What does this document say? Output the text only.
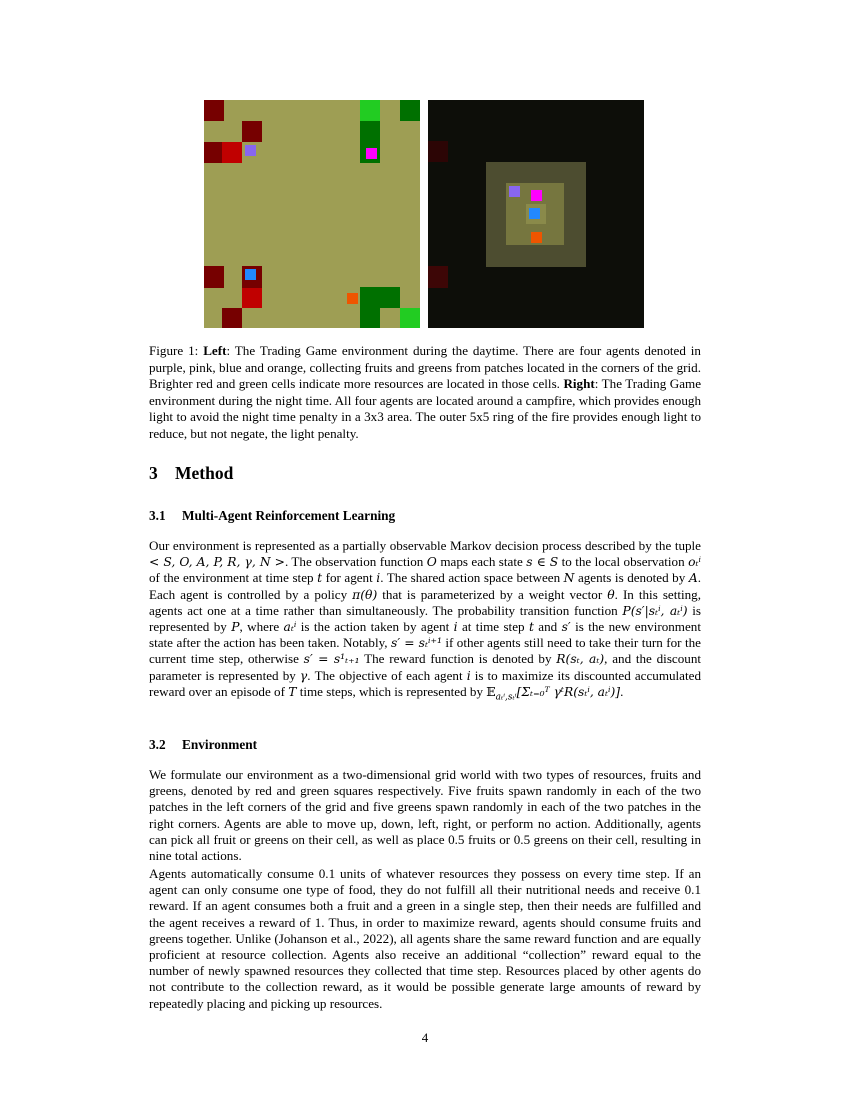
Figure 1: Left: The Trading Game environment during the daytime. There are four agents denoted in purple, pink, blue and orange, collecting fruits and greens from patches located in the corners of the grid. Brighter red and green cells indicate more resources are located in those cells. Right: The Trading Game environment during the night time. All four agents are located around a campfire, which provides enough light to avoid the night time penalty in a 3x3 area. The outer 5x5 ring of the fire provides enough light to reduce, but not negate, the light penalty.
3 Method
3.1 Multi-Agent Reinforcement Learning

Our environment is represented as a partially observable Markov decision process described by the tuple < S, O, A, P, R, γ, N >. The observation function O maps each state s ∈ S to the local observation oₜⁱ of the environment at time step t for agent i. The shared action space between N agents is denoted by A. Each agent is controlled by a policy π(θ) that is parameterized by a weight vector θ. In this setting, agents act one at a time rather than simultaneously. The probability transition function P(s′|sₜⁱ, aₜⁱ) is represented by P, where aₜⁱ is the action taken by agent i at time step t and s′ is the new environment state after the action has been taken. Notably, s′ = sₜⁱ⁺¹ if other agents still need to take their turn for the current time step, otherwise s′ = s¹ₜ₊₁ The reward function is denoted by R(sₜ, aₜ), and the discount parameter is represented by γ. The objective of each agent i is to maximize its discounted accumulated reward over an episode of T time steps, which is represented by 𝔼$_{a_t^i,s_t^i}$[Σₜ₌₀ᵀ γᵗR(sₜⁱ, aₜⁱ)].

3.2 Environment

We formulate our environment as a two-dimensional grid world with two types of resources, fruits and greens, denoted by red and green squares respectively. Five fruits spawn randomly in each of the two patches in the left corners of the grid and five greens spawn randomly in each of the two patches in the right corners. Agents are able to move up, down, left, right, or perform no action. Additionally, agents can pick all fruit or greens on their cell, as well as place 0.5 fruits or 0.5 greens on their cell, resulting in nine total actions.

Agents automatically consume 0.1 units of whatever resources they possess on every time step. If an agent can only consume one type of food, they do not fulfill all their nutritional needs and receive 0.1 reward. If an agent consumes both a fruit and a green in a single step, then their needs are fulfilled and the agent receives a reward of 1. Thus, in order to maximize reward, agents should consume fruits and greens together. Unlike (Johanson et al., 2022), all agents share the same reward function and are equally proficient at resource collection. Agents also receive an additional “collection” reward equal to the number of newly spawned resources they collected that time step. Resources placed by other agents do not contribute to the collection reward, as it would be possible generate large amounts of reward by repeatedly placing and picking up resources.

4
